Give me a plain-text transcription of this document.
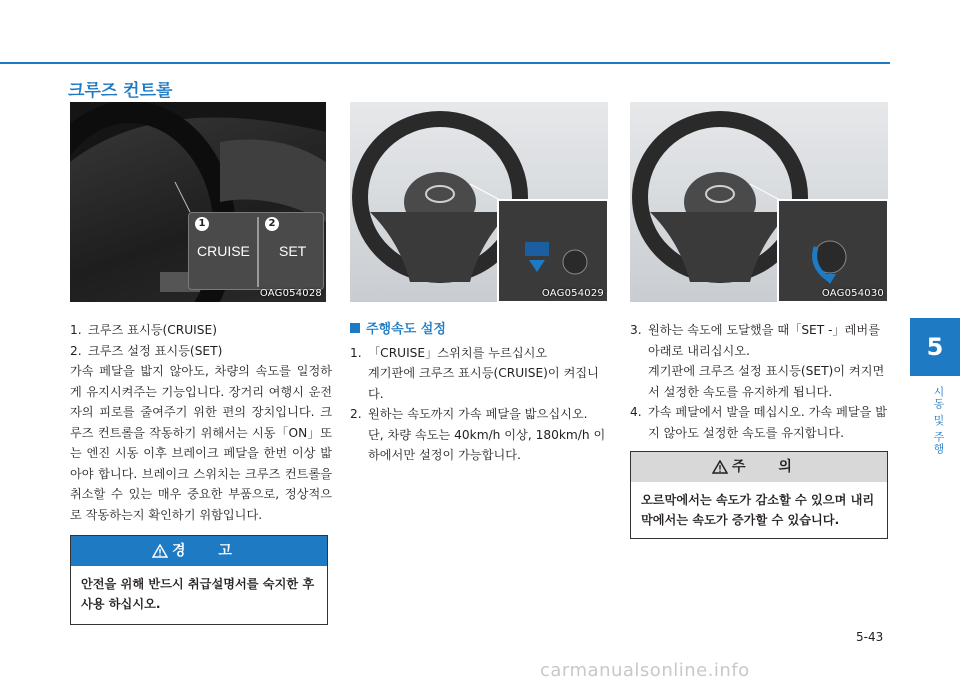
크루즈 컨트롤
1
CRUISE
2
SET
OAG054028	OAG054029	OAG054030
1. 크루즈 표시등(CRUISE)
2. 크루즈 설정 표시등(SET)

가속 페달을 밟지 않아도, 차량의 속도를 일정하게 유지시켜주는 기능입니다. 장거리 여행시 운전자의 피로를 줄여주기 위한 편의 장치입니다. 크루즈 컨트롤을 작동하기 위해서는 시동「ON」또는 엔진 시동 이후 브레이크 페달을 한번 이상 밟아야 합니다. 브레이크 스위치는 크루즈 컨트롤을 취소할 수 있는 매우 중요한 부품으로, 정상적으로 작동하는지 확인하기 위함입니다.

경 고
안전을 위해 반드시 취급설명서를 숙지한 후 사용 하십시오.
주행속도 설정
1. 「CRUISE」스위치를 누르십시오
계기판에 크루즈 표시등(CRUISE)이 켜집니다.
2. 원하는 속도까지 가속 페달을 밟으십시오.
단, 차량 속도는 40km/h 이상, 180km/h 이하에서만 설정이 가능합니다.
3. 원하는 속도에 도달했을 때「SET -」레버를 아래로 내리십시오.
계기판에 크루즈 설정 표시등(SET)이 켜지면서 설정한 속도를 유지하게 됩니다.
4. 가속 페달에서 발을 떼십시오. 가속 페달을 밟지 않아도 설정한 속도를 유지합니다.
주 의
오르막에서는 속도가 감소할 수 있으며 내리막에서는 속도가 증가할 수 있습니다.
5
시동 및 주행
5-43
carmanualsonline.info
